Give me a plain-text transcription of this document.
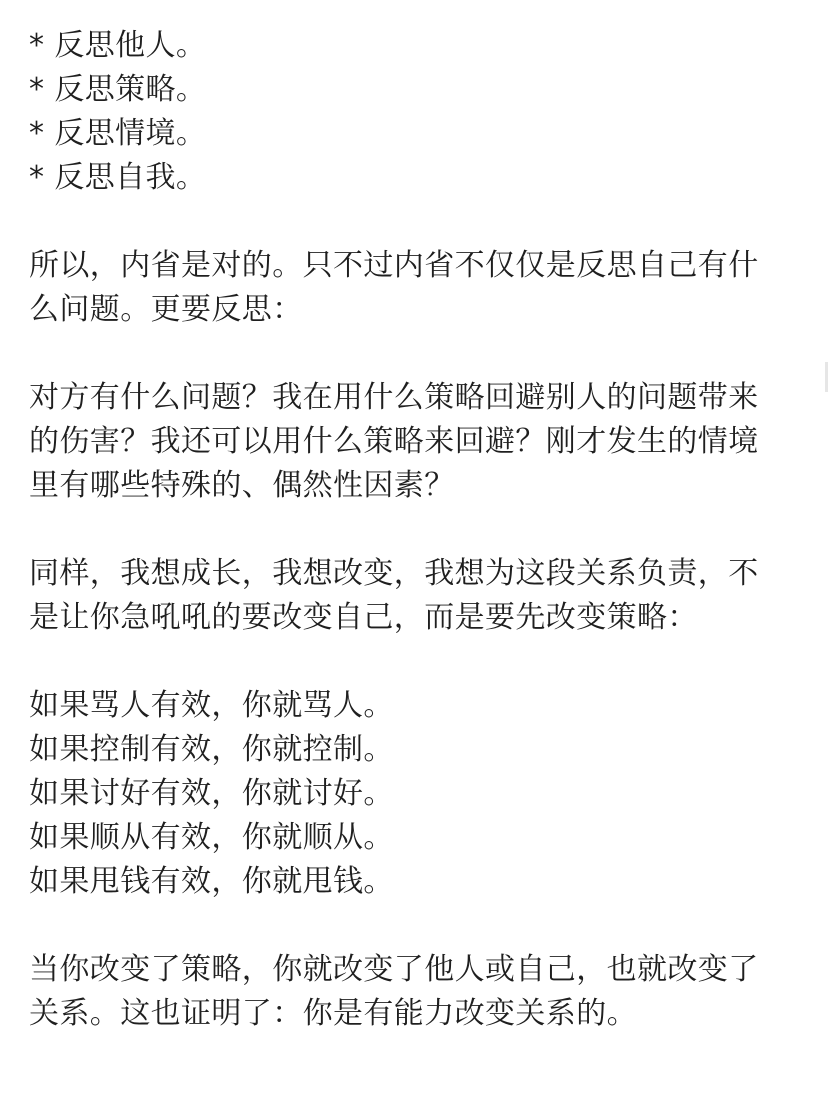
* 反思他人。
* 反思策略。
* 反思情境。
* 反思自我。
所以，内省是对的。只不过内省不仅仅是反思自己有什
么问题。更要反思：
对方有什么问题？我在用什么策略回避别人的问题带来
的伤害？我还可以用什么策略来回避？刚才发生的情境
里有哪些特殊的、偶然性因素？
同样，我想成长，我想改变，我想为这段关系负责，不
是让你急吼吼的要改变自己，而是要先改变策略：
如果骂人有效，你就骂人。
如果控制有效，你就控制。
如果讨好有效，你就讨好。
如果顺从有效，你就顺从。
如果甩钱有效，你就甩钱。
当你改变了策略，你就改变了他人或自己，也就改变了
关系。这也证明了：你是有能力改变关系的。
